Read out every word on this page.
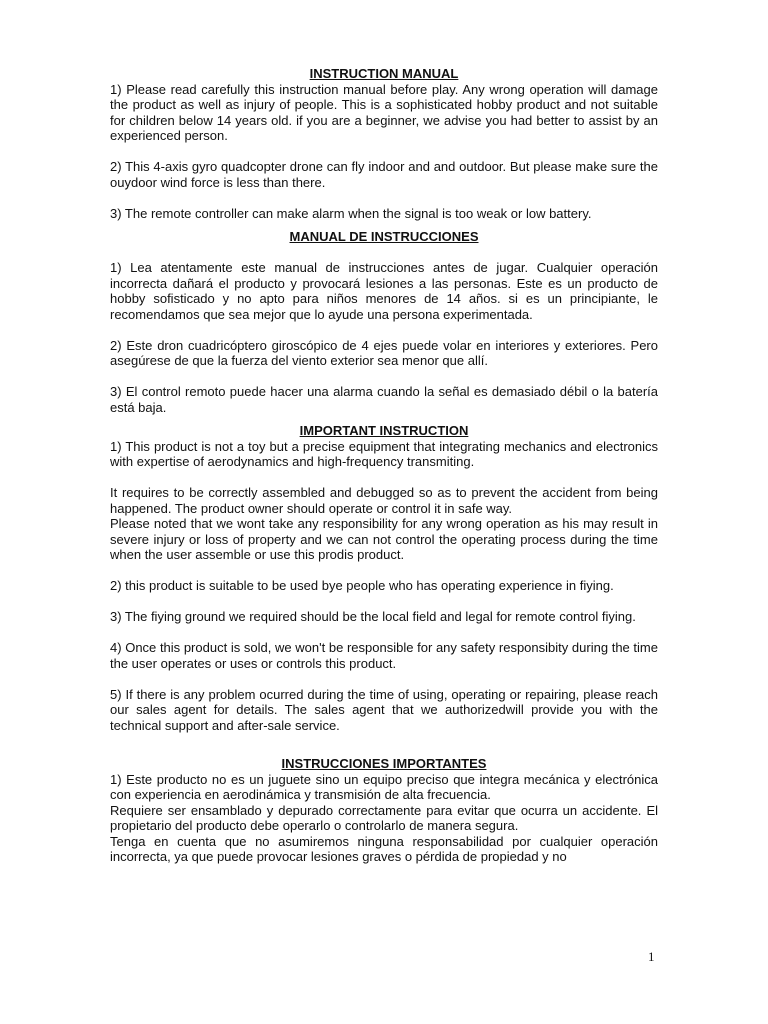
INSTRUCTION MANUAL

1) Please read carefully this instruction manual before play. Any wrong operation will damage the product as well as injury of people. This is a sophisticated hobby product and not suitable for children below 14 years old. if you are a beginner, we advise you had better to assist by an experienced person.

2) This 4-axis gyro quadcopter drone can fly indoor and and outdoor. But please make sure the ouydoor wind force is less than there.

3) The remote controller can make alarm when the signal is too weak or low battery.

MANUAL DE INSTRUCCIONES

1) Lea atentamente este manual de instrucciones antes de jugar. Cualquier operación incorrecta dañará el producto y provocará lesiones a las personas. Este es un producto de hobby sofisticado y no apto para niños menores de 14 años. si es un principiante, le recomendamos que sea mejor que lo ayude una persona experimentada.

2) Este dron cuadricóptero giroscópico de 4 ejes puede volar en interiores y exteriores. Pero asegúrese de que la fuerza del viento exterior sea menor que allí.

3) El control remoto puede hacer una alarma cuando la señal es demasiado débil o la batería está baja.

IMPORTANT INSTRUCTION

1) This product is not a toy but a precise equipment that integrating mechanics and electronics with expertise of aerodynamics and high-frequency transmiting.

It requires to be correctly assembled and debugged so as to prevent the accident from being happened. The product owner should operate or control it in safe way.

Please noted that we wont take any responsibility for any wrong operation as his may result in severe injury or loss of property and we can not control the operating process during the time when the user assemble or use this prodis product.

2) this product is suitable to be used bye people who has operating experience in fiying.

3) The fiying ground we required should be the local field and legal for remote control fiying.

4) Once this product is sold, we won't be responsible for any safety responsibity during the time the user operates or uses or controls this product.

5) If there is any problem ocurred during the time of using, operating or repairing, please reach our sales agent for details. The sales agent that we authorizedwill provide you with the technical support and after-sale service.

INSTRUCCIONES IMPORTANTES

1) Este producto no es un juguete sino un equipo preciso que integra mecánica y electrónica con experiencia en aerodinámica y transmisión de alta frecuencia.

Requiere ser ensamblado y depurado correctamente para evitar que ocurra un accidente. El propietario del producto debe operarlo o controlarlo de manera segura.

Tenga en cuenta que no asumiremos ninguna responsabilidad por cualquier operación incorrecta, ya que puede provocar lesiones graves o pérdida de propiedad y no

1
